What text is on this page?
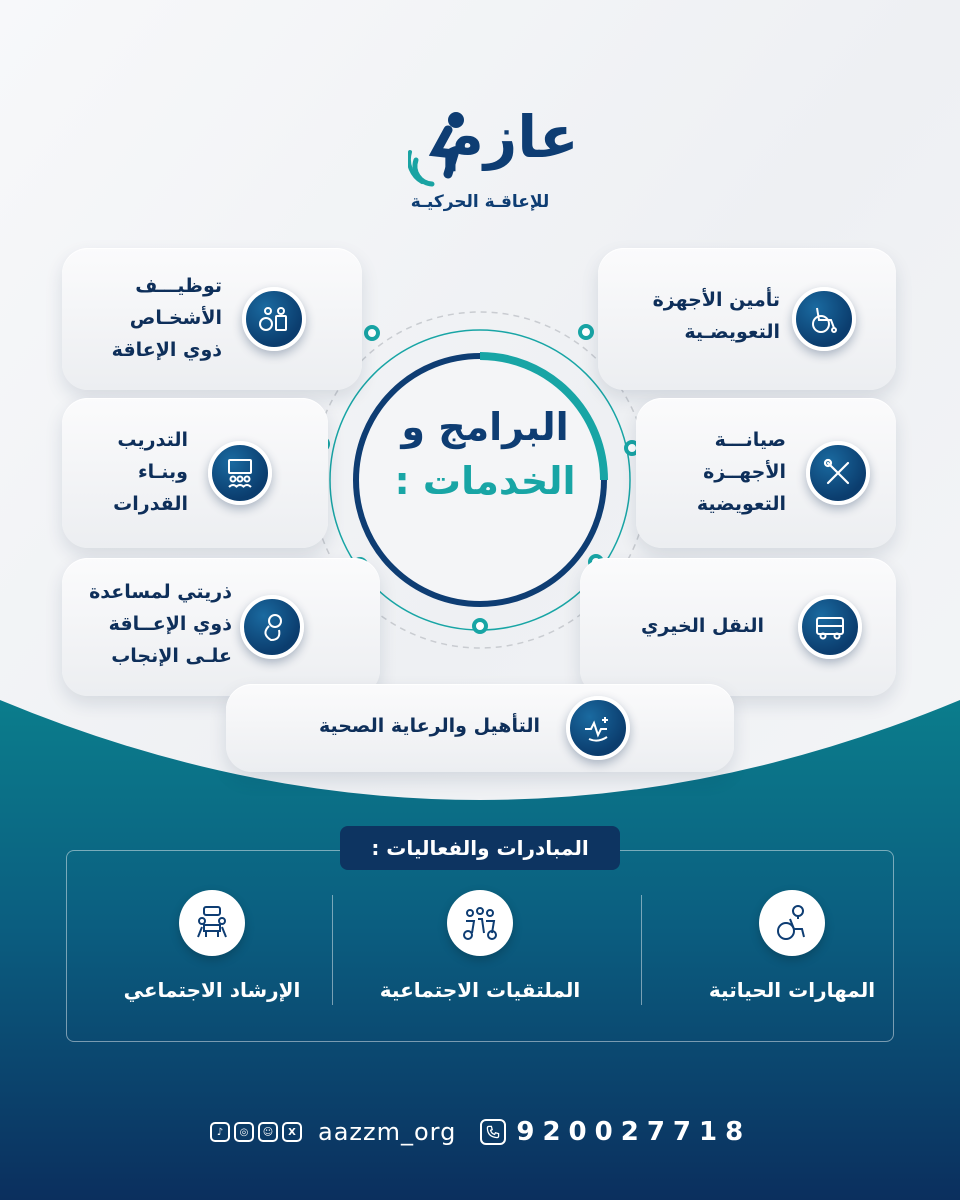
عازم
للإعاقـة الحركيـة
البرامج و
الخدمات :
توظيـــف
الأشخـاص
ذوي الإعاقة
تأمين الأجهزة
التعويضـية
التدريب
وبنـاء
القدرات
صيانـــة
الأجهــزة
التعويضية
ذريتي لمساعدة
ذوي الإعــاقة
علـى الإنجاب
النقل الخيري
التأهيل والرعاية الصحية
المبادرات والفعاليات :
المهارات الحياتية
الملتقيات الاجتماعية
الإرشاد الاجتماعي
♪	◎	☺	X aazzm_org 920027718
